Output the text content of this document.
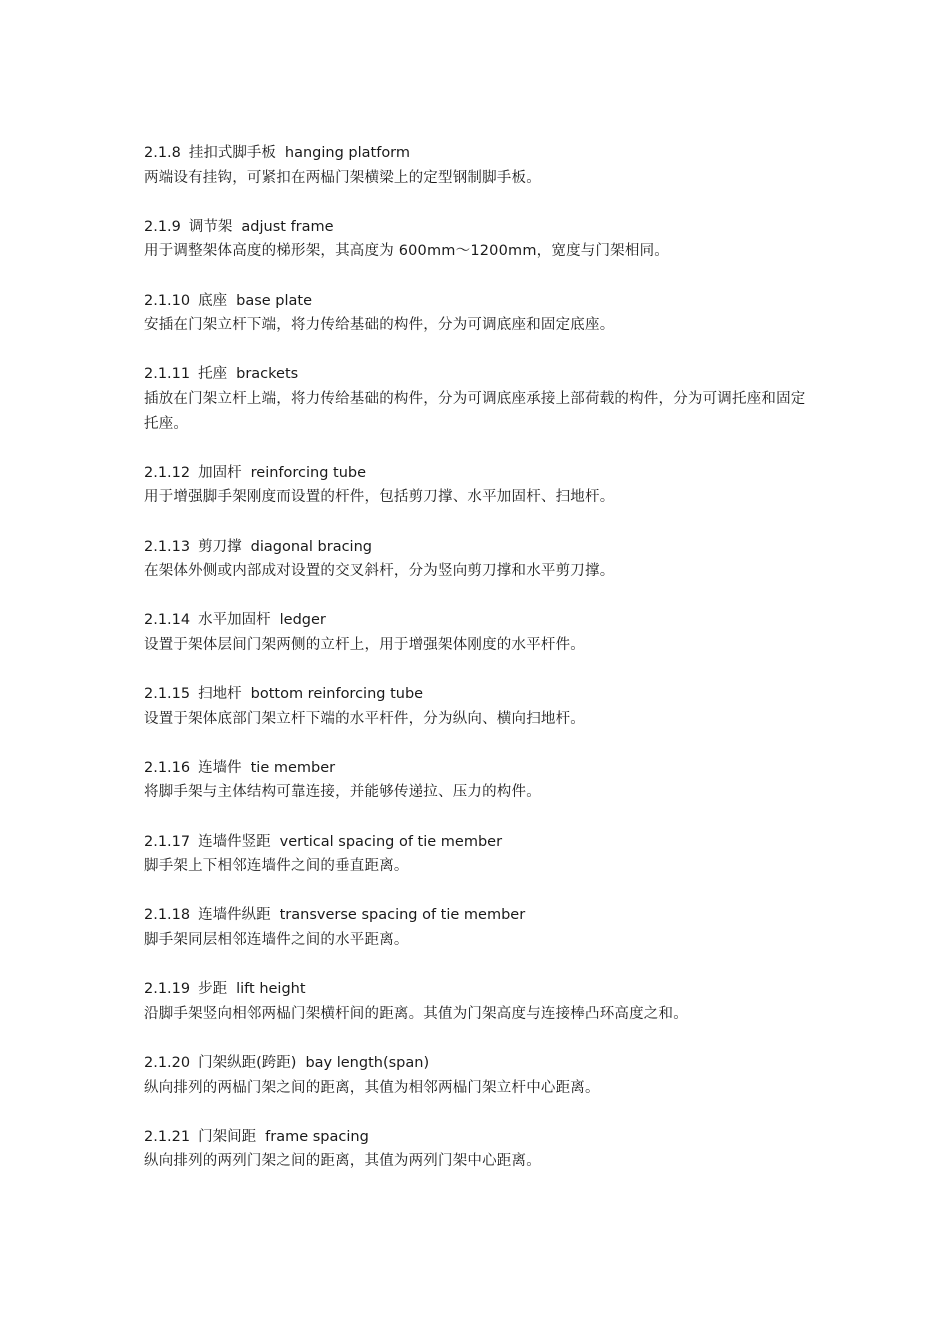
2.1.8 挂扣式脚手板 hanging platform
两端设有挂钩，可紧扣在两榀门架横梁上的定型钢制脚手板。
2.1.9 调节架 adjust frame
用于调整架体高度的梯形架，其高度为 600mm～1200mm，宽度与门架相同。
2.1.10 底座 base plate
安插在门架立杆下端，将力传给基础的构件，分为可调底座和固定底座。
2.1.11 托座 brackets
插放在门架立杆上端，将力传给基础的构件，分为可调底座承接上部荷载的构件，分为可调托座和固定托座。
2.1.12 加固杆 reinforcing tube
用于增强脚手架刚度而设置的杆件，包括剪刀撑、水平加固杆、扫地杆。
2.1.13 剪刀撑 diagonal bracing
在架体外侧或内部成对设置的交叉斜杆，分为竖向剪刀撑和水平剪刀撑。
2.1.14 水平加固杆 ledger
设置于架体层间门架两侧的立杆上，用于增强架体刚度的水平杆件。
2.1.15 扫地杆 bottom reinforcing tube
设置于架体底部门架立杆下端的水平杆件，分为纵向、横向扫地杆。
2.1.16 连墙件 tie member
将脚手架与主体结构可靠连接，并能够传递拉、压力的构件。
2.1.17 连墙件竖距 vertical spacing of tie member
脚手架上下相邻连墙件之间的垂直距离。
2.1.18 连墙件纵距 transverse spacing of tie member
脚手架同层相邻连墙件之间的水平距离。
2.1.19 步距 lift height
沿脚手架竖向相邻两榀门架横杆间的距离。其值为门架高度与连接棒凸环高度之和。
2.1.20 门架纵距(跨距) bay length(span)
纵向排列的两榀门架之间的距离，其值为相邻两榀门架立杆中心距离。
2.1.21 门架间距 frame spacing
纵向排列的两列门架之间的距离，其值为两列门架中心距离。
